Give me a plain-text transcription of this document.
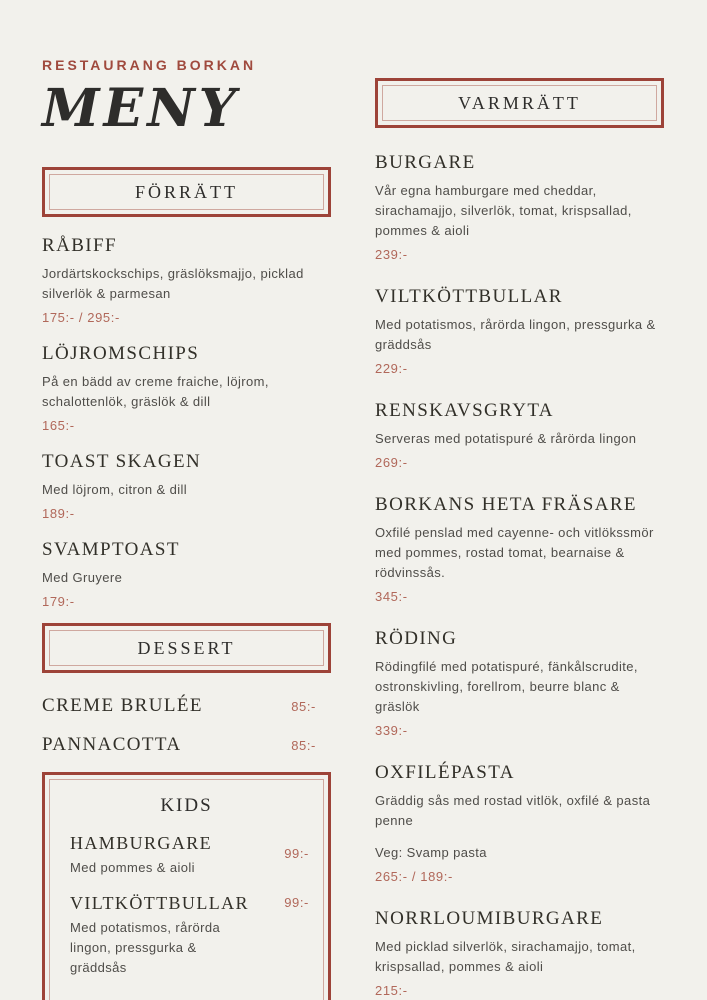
RESTAURANG BORKAN
MENY
FÖRRÄTT
RÅBIFF
Jordärtskockschips, gräslöksmajjo, picklad silverlök & parmesan
175:- / 295:-
LÖJROMSCHIPS
På en bädd av creme fraiche, löjrom, schalottenlök, gräslök & dill
165:-
TOAST SKAGEN
Med löjrom, citron & dill
189:-
SVAMPTOAST
Med Gruyere
179:-
DESSERT
CREME BRULÉE	85:-
PANNACOTTA	85:-
KIDS
HAMBURGARE
Med pommes & aioli
99:-
VILTKÖTTBULLAR
Med potatismos, rårörda lingon, pressgurka & gräddsås
99:-
VARMRÄTT
BURGARE
Vår egna hamburgare med cheddar, sirachamajjo, silverlök, tomat, krispsallad, pommes & aioli
239:-
VILTKÖTTBULLAR
Med potatismos, rårörda lingon, pressgurka & gräddsås
229:-
RENSKAVSGRYTA
Serveras med potatispuré & rårörda lingon
269:-
BORKANS HETA FRÄSARE
Oxfilé penslad med cayenne- och vitlökssmör med pommes, rostad tomat, bearnaise & rödvinssås.
345:-
RÖDING
Rödingfilé med potatispuré, fänkålscrudite, ostronskivling, forellrom, beurre blanc & gräslök
339:-
OXFILÉPASTA
Gräddig sås med rostad vitlök, oxfilé & pasta penne
Veg: Svamp pasta
265:- / 189:-
NORRLOUMIBURGARE
Med picklad silverlök, sirachamajjo, tomat, krispsallad, pommes & aioli
215:-
